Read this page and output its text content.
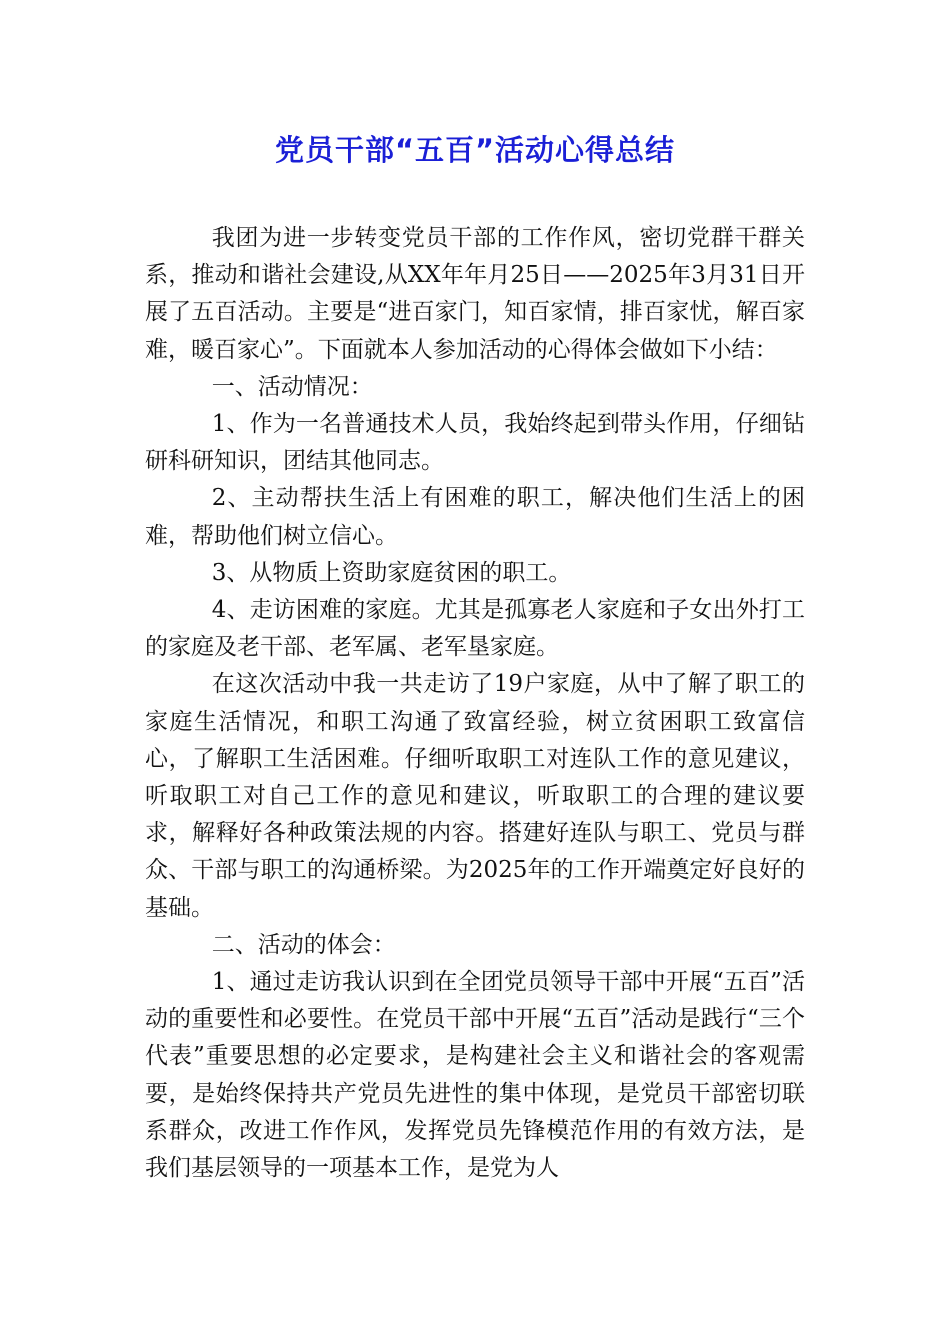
党员干部“五百”活动心得总结

我团为进一步转变党员干部的工作作风，密切党群干群关系，推动和谐社会建设,从XX年年月25日——2025年3月31日开展了五百活动。主要是“进百家门，知百家情，排百家忧，解百家难，暖百家心”。下面就本人参加活动的心得体会做如下小结：

一、活动情况：

1、作为一名普通技术人员，我始终起到带头作用，仔细钻研科研知识，团结其他同志。

2、主动帮扶生活上有困难的职工，解决他们生活上的困难，帮助他们树立信心。

3、从物质上资助家庭贫困的职工。

4、走访困难的家庭。尤其是孤寡老人家庭和子女出外打工的家庭及老干部、老军属、老军垦家庭。

在这次活动中我一共走访了19户家庭，从中了解了职工的家庭生活情况，和职工沟通了致富经验，树立贫困职工致富信心，了解职工生活困难。仔细听取职工对连队工作的意见建议，听取职工对自己工作的意见和建议，听取职工的合理的建议要求，解释好各种政策法规的内容。搭建好连队与职工、党员与群众、干部与职工的沟通桥梁。为2025年的工作开端奠定好良好的基础。

二、活动的体会：

1、通过走访我认识到在全团党员领导干部中开展“五百”活动的重要性和必要性。在党员干部中开展“五百”活动是践行“三个代表”重要思想的必定要求，是构建社会主义和谐社会的客观需要，是始终保持共产党员先进性的集中体现，是党员干部密切联系群众，改进工作作风，发挥党员先锋模范作用的有效方法，是我们基层领导的一项基本工作，是党为人
